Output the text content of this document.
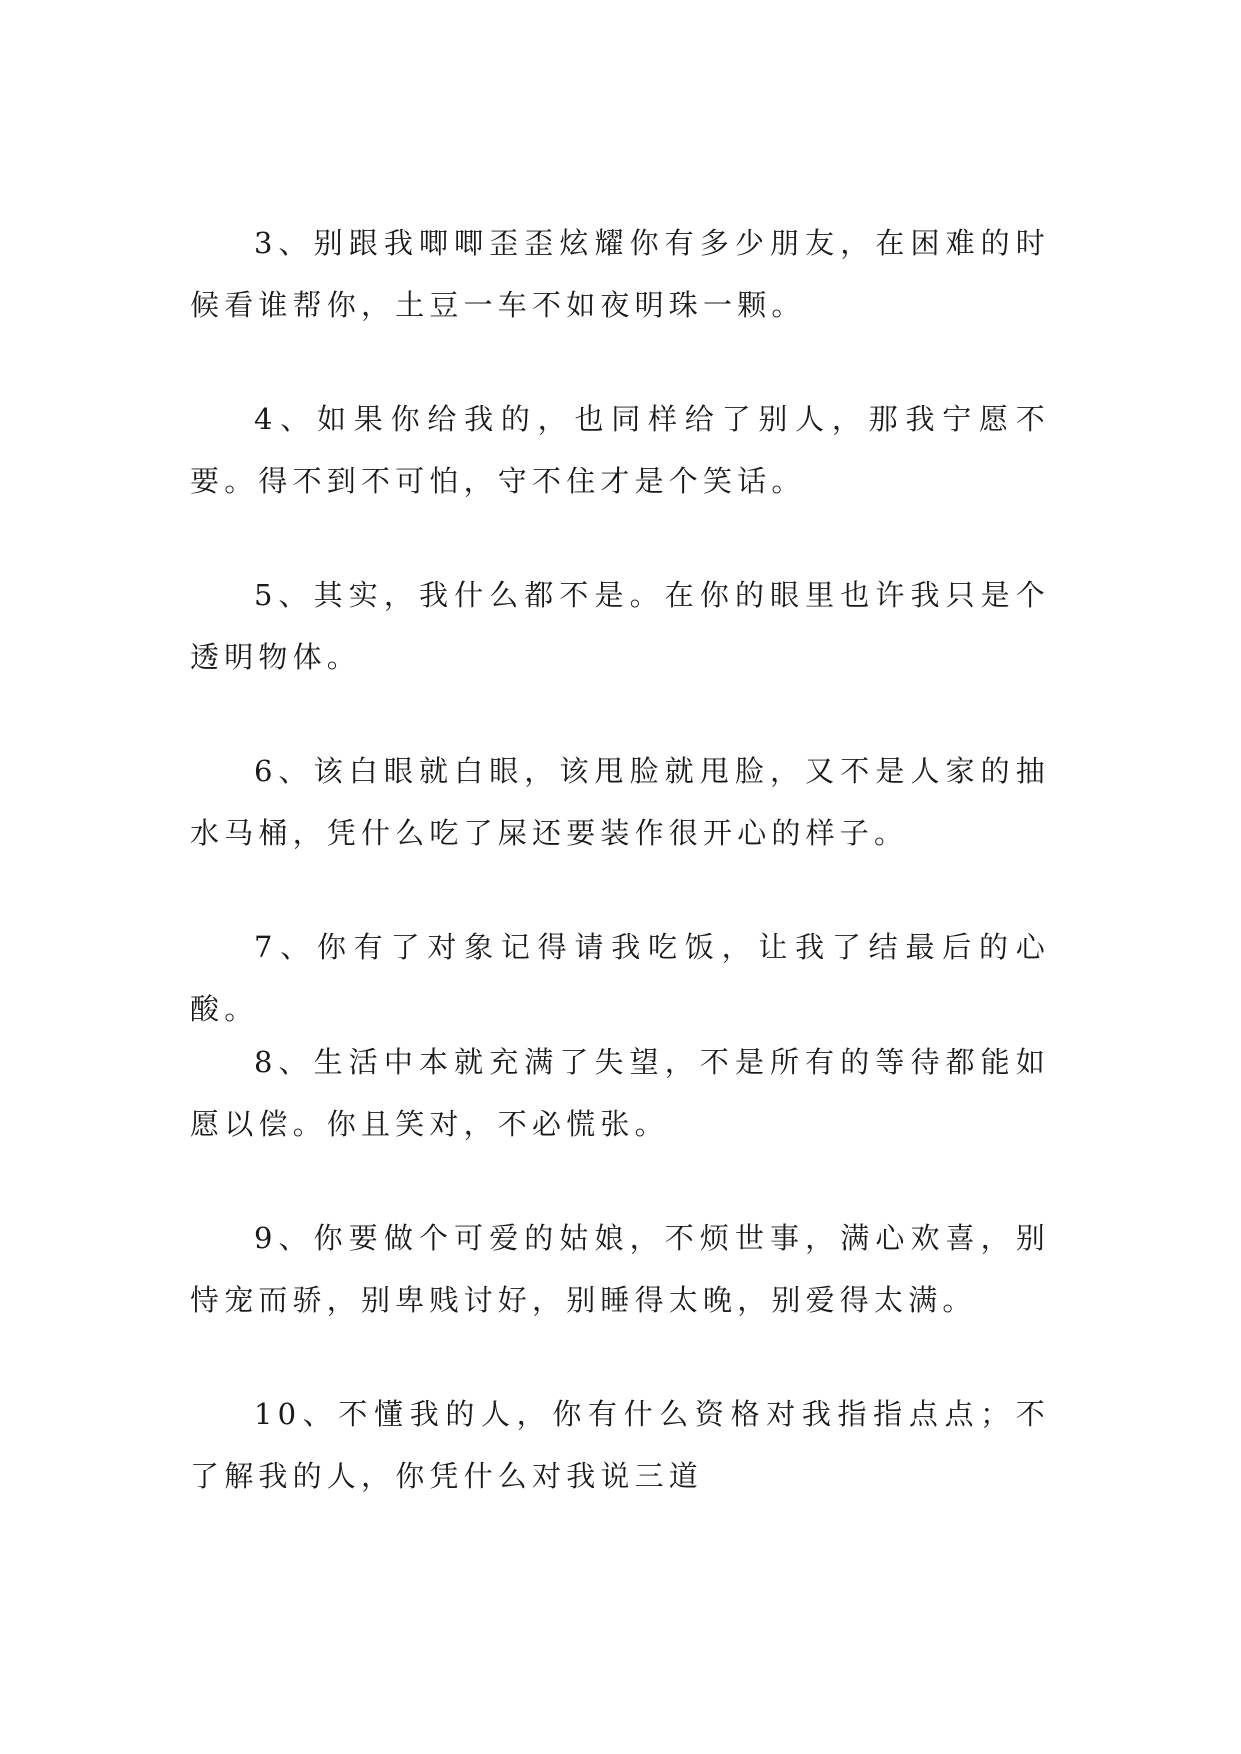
3、别跟我唧唧歪歪炫耀你有多少朋友，在困难的时候看谁帮你，土豆一车不如夜明珠一颗。

4、如果你给我的，也同样给了别人，那我宁愿不要。得不到不可怕，守不住才是个笑话。

5、其实，我什么都不是。在你的眼里也许我只是个透明物体。

6、该白眼就白眼，该甩脸就甩脸，又不是人家的抽水马桶，凭什么吃了屎还要装作很开心的样子。

7、你有了对象记得请我吃饭，让我了结最后的心酸。

8、生活中本就充满了失望，不是所有的等待都能如愿以偿。你且笑对，不必慌张。

9、你要做个可爱的姑娘，不烦世事，满心欢喜，别恃宠而骄，别卑贱讨好，别睡得太晚，别爱得太满。

10、不懂我的人，你有什么资格对我指指点点；不了解我的人，你凭什么对我说三道
